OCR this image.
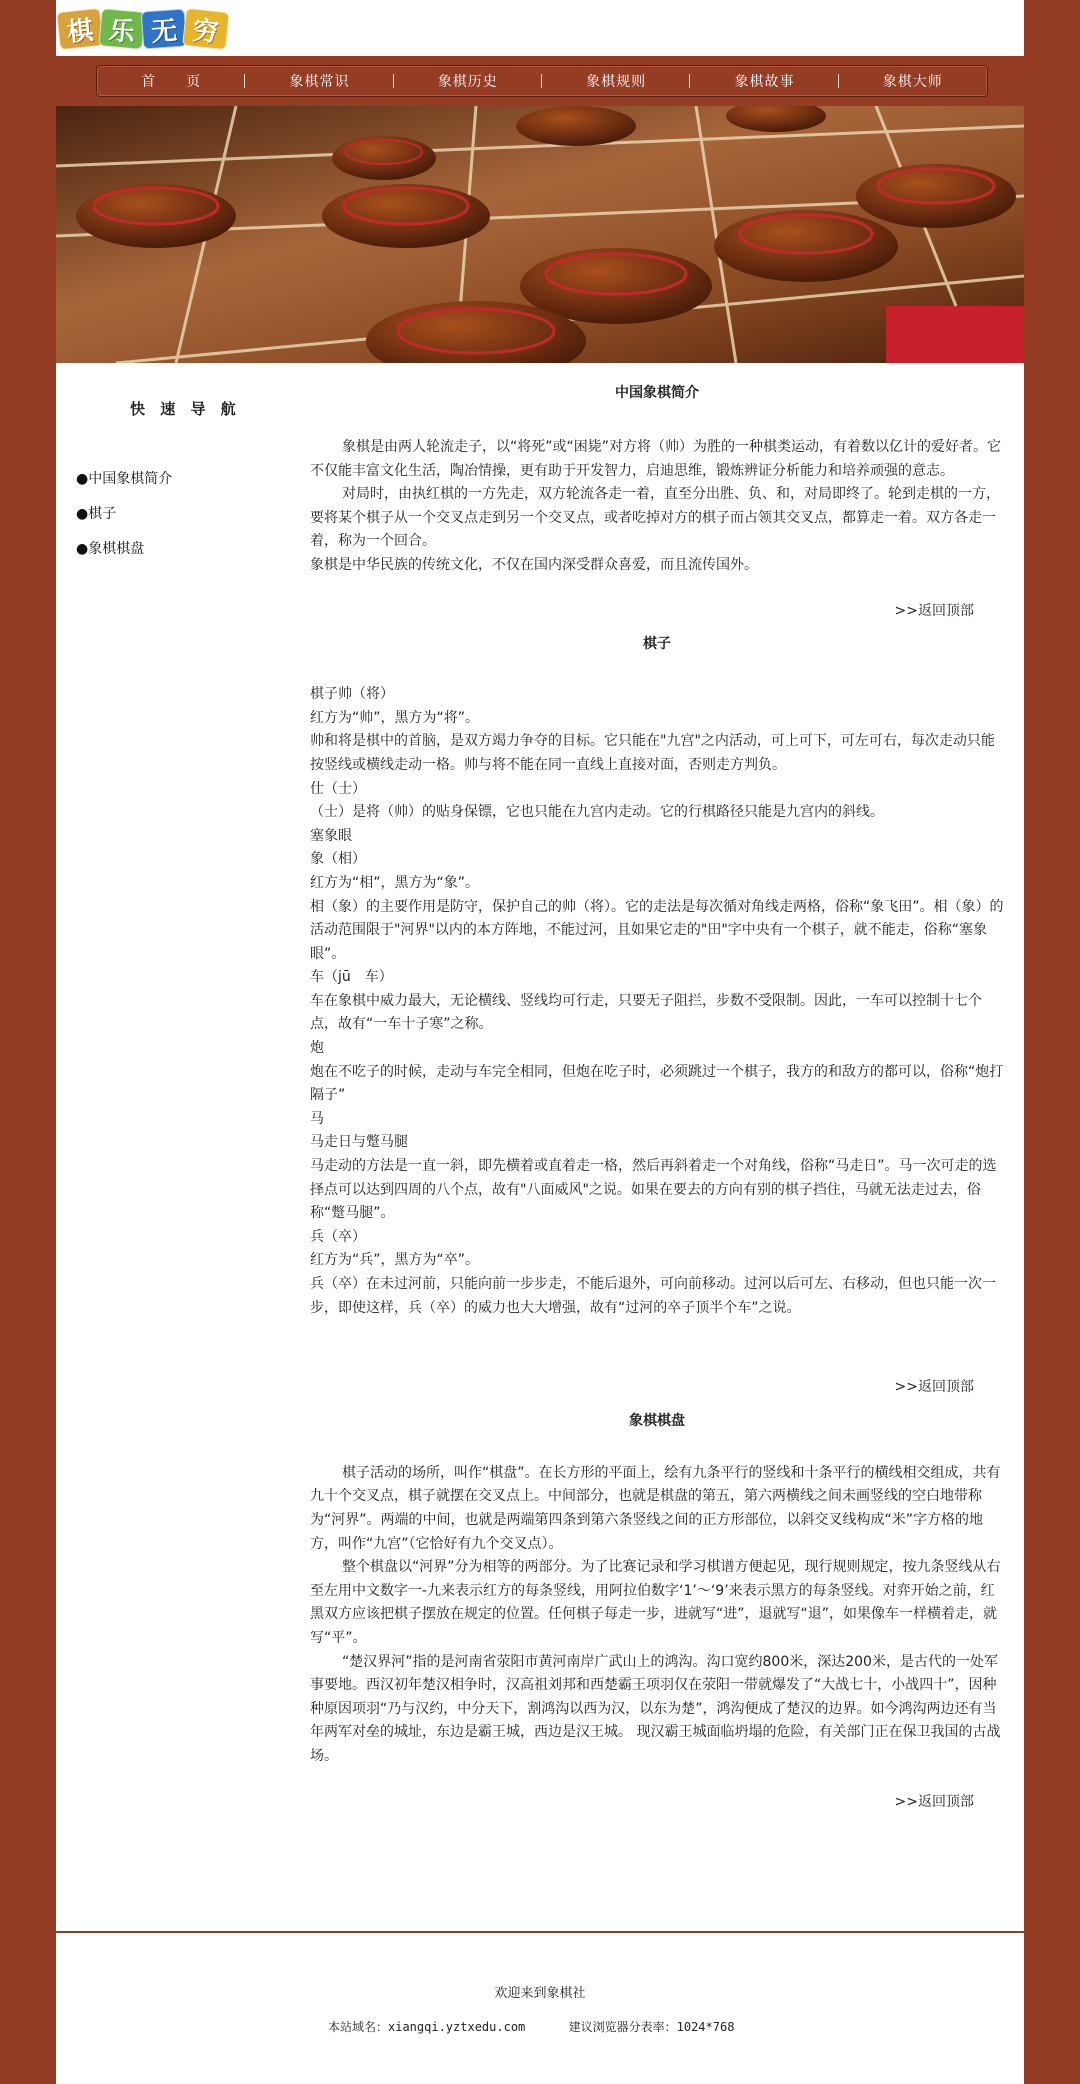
棋 乐 无 穷
首　　页	象棋常识	象棋历史	象棋规则	象棋故事	象棋大师
快 速 导 航
●中国象棋简介
●棋子
●象棋棋盘
中国象棋简介

象棋是由两人轮流走子，以“将死”或“困毙”对方将（帅）为胜的一种棋类运动，有着数以亿计的爱好者。它不仅能丰富文化生活，陶冶情操，更有助于开发智力，启迪思维，锻炼辨证分析能力和培养顽强的意志。

对局时，由执红棋的一方先走，双方轮流各走一着，直至分出胜、负、和，对局即终了。轮到走棋的一方，要将某个棋子从一个交叉点走到另一个交叉点，或者吃掉对方的棋子而占领其交叉点，都算走一着。双方各走一着，称为一个回合。

象棋是中华民族的传统文化，不仅在国内深受群众喜爱，而且流传国外。

>>返回顶部
棋子

棋子帅（将）

红方为“帅”，黑方为“将”。

帅和将是棋中的首脑，是双方竭力争夺的目标。它只能在"九宫"之内活动，可上可下，可左可右，每次走动只能按竖线或横线走动一格。帅与将不能在同一直线上直接对面，否则走方判负。

仕（士）

（士）是将（帅）的贴身保镖，它也只能在九宫内走动。它的行棋路径只能是九宫内的斜线。

塞象眼

象（相）

红方为“相”，黑方为“象”。

相（象）的主要作用是防守，保护自己的帅（将）。它的走法是每次循对角线走两格，俗称“象飞田”。相（象）的活动范围限于"河界"以内的本方阵地，不能过河，且如果它走的"田"字中央有一个棋子，就不能走，俗称“塞象眼”。

车（jū　车）

车在象棋中威力最大，无论横线、竖线均可行走，只要无子阻拦，步数不受限制。因此，一车可以控制十七个点，故有“一车十子寒”之称。

炮

炮在不吃子的时候，走动与车完全相同，但炮在吃子时，必须跳过一个棋子，我方的和敌方的都可以，俗称“炮打隔子”

马

马走日与蹩马腿

马走动的方法是一直一斜，即先横着或直着走一格，然后再斜着走一个对角线，俗称“马走日”。马一次可走的选择点可以达到四周的八个点，故有"八面威风"之说。如果在要去的方向有别的棋子挡住，马就无法走过去，俗称“蹩马腿”。

兵（卒）

红方为“兵”，黑方为“卒”。

兵（卒）在未过河前，只能向前一步步走，不能后退外，可向前移动。过河以后可左、右移动，但也只能一次一步，即使这样，兵（卒）的威力也大大增强，故有“过河的卒子顶半个车”之说。

>>返回顶部
象棋棋盘

棋子活动的场所，叫作“棋盘”。在长方形的平面上，绘有九条平行的竖线和十条平行的横线相交组成，共有九十个交叉点，棋子就摆在交叉点上。中间部分，也就是棋盘的第五，第六两横线之间未画竖线的空白地带称为“河界”。两端的中间，也就是两端第四条到第六条竖线之间的正方形部位，以斜交叉线构成“米”字方格的地方，叫作“九宫”（它恰好有九个交叉点）。

整个棋盘以“河界”分为相等的两部分。为了比赛记录和学习棋谱方便起见，现行规则规定，按九条竖线从右至左用中文数字一-九来表示红方的每条竖线，用阿拉伯数字‘1’～‘9’来表示黑方的每条竖线。对弈开始之前，红黑双方应该把棋子摆放在规定的位置。任何棋子每走一步，进就写“进”，退就写“退”，如果像车一样横着走，就写“平”。

“楚汉界河”指的是河南省荥阳市黄河南岸广武山上的鸿沟。沟口宽约800米，深达200米，是古代的一处军事要地。西汉初年楚汉相争时，汉高祖刘邦和西楚霸王项羽仅在荥阳一带就爆发了“大战七十，小战四十”，因种种原因项羽“乃与汉约，中分天下，割鸿沟以西为汉，以东为楚”，鸿沟便成了楚汉的边界。如今鸿沟两边还有当年两军对垒的城址，东边是霸王城，西边是汉王城。 现汉霸王城面临坍塌的危险，有关部门正在保卫我国的古战场。

>>返回顶部
欢迎来到象棋社
本站域名：xiangqi.yztxedu.com      建议浏览器分表率：1024*768
